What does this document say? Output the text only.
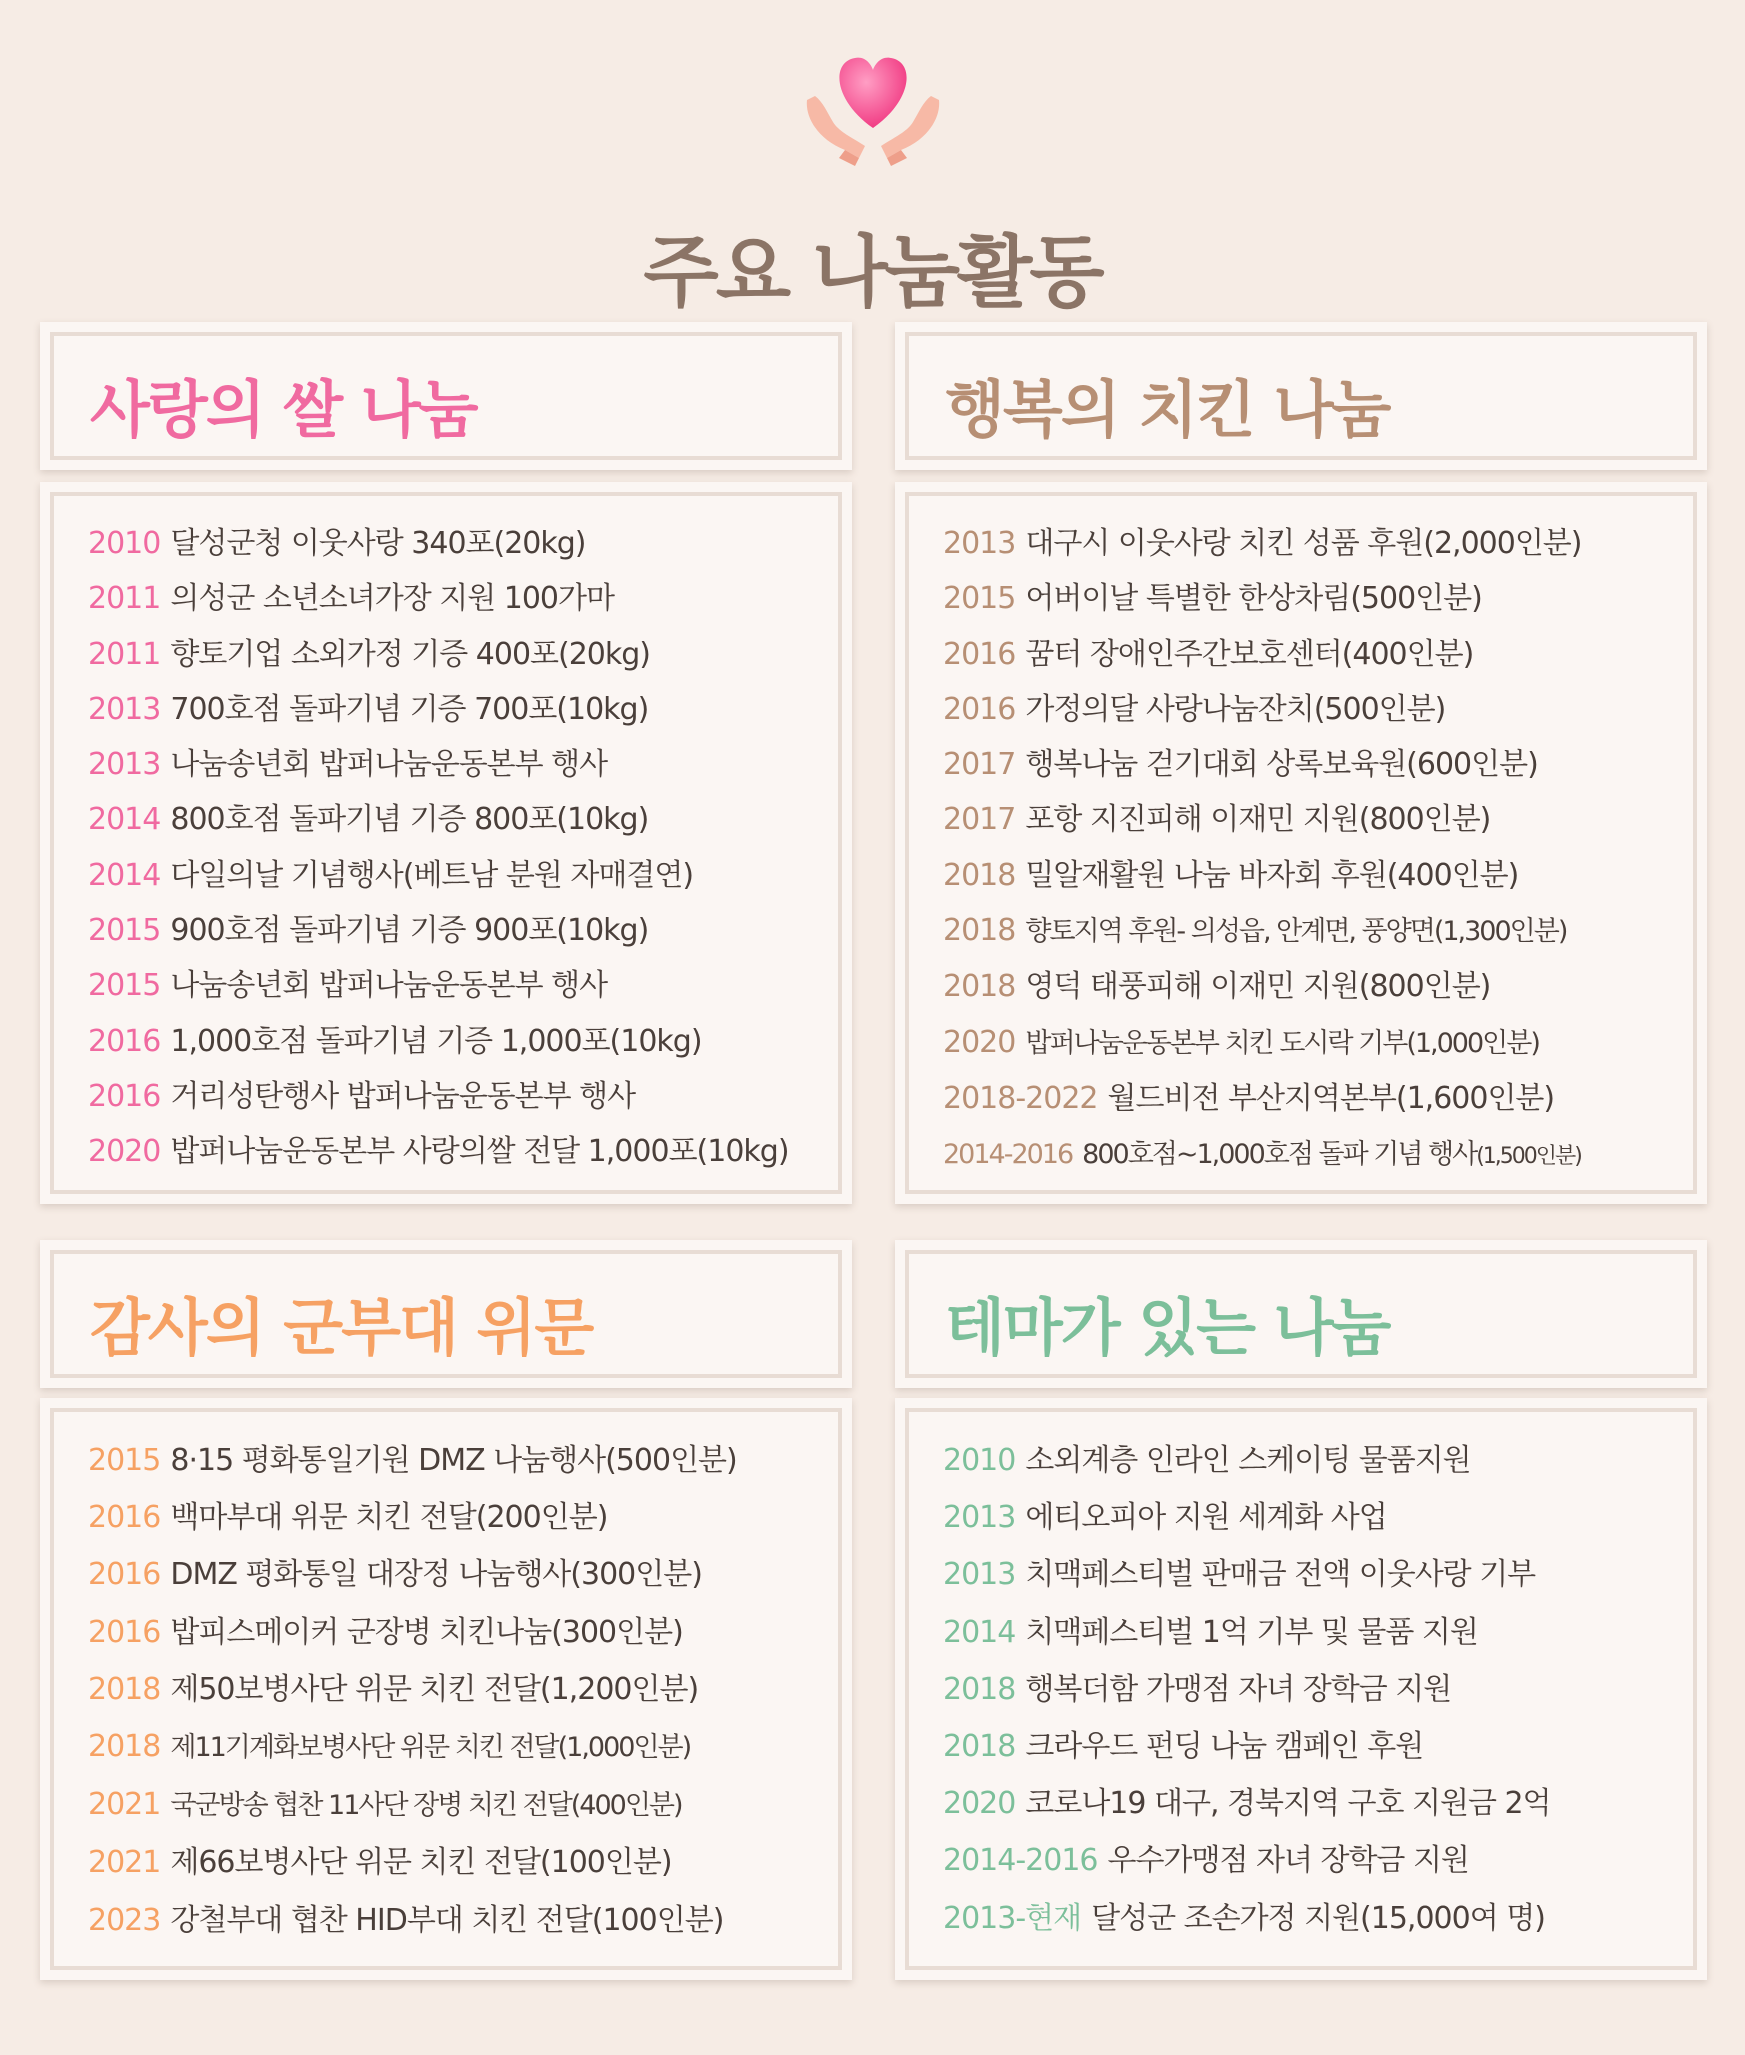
주요 나눔활동
사랑의 쌀 나눔
2010 달성군청 이웃사랑 340포(20kg)
2011 의성군 소년소녀가장 지원 100가마
2011 향토기업 소외가정 기증 400포(20kg)
2013 700호점 돌파기념 기증 700포(10kg)
2013 나눔송년회 밥퍼나눔운동본부 행사
2014 800호점 돌파기념 기증 800포(10kg)
2014 다일의날 기념행사(베트남 분원 자매결연)
2015 900호점 돌파기념 기증 900포(10kg)
2015 나눔송년회 밥퍼나눔운동본부 행사
2016 1,000호점 돌파기념 기증 1,000포(10kg)
2016 거리성탄행사 밥퍼나눔운동본부 행사
2020 밥퍼나눔운동본부 사랑의쌀 전달 1,000포(10kg)
행복의 치킨 나눔
2013 대구시 이웃사랑 치킨 성품 후원(2,000인분)
2015 어버이날 특별한 한상차림(500인분)
2016 꿈터 장애인주간보호센터(400인분)
2016 가정의달 사랑나눔잔치(500인분)
2017 행복나눔 걷기대회 상록보육원(600인분)
2017 포항 지진피해 이재민 지원(800인분)
2018 밀알재활원 나눔 바자회 후원(400인분)
2018 향토지역 후원- 의성읍, 안계면, 풍양면(1,300인분)
2018 영덕 태풍피해 이재민 지원(800인분)
2020 밥퍼나눔운동본부 치킨 도시락 기부(1,000인분)
2018-2022 월드비전 부산지역본부(1,600인분)
2014-2016 800호점~1,000호점 돌파 기념 행사(1,500인분)
감사의 군부대 위문
2015 8·15 평화통일기원 DMZ 나눔행사(500인분)
2016 백마부대 위문 치킨 전달(200인분)
2016 DMZ 평화통일 대장정 나눔행사(300인분)
2016 밥피스메이커 군장병 치킨나눔(300인분)
2018 제50보병사단 위문 치킨 전달(1,200인분)
2018 제11기계화보병사단 위문 치킨 전달(1,000인분)
2021 국군방송 협찬 11사단 장병 치킨 전달(400인분)
2021 제66보병사단 위문 치킨 전달(100인분)
2023 강철부대 협찬 HID부대 치킨 전달(100인분)
테마가 있는 나눔
2010 소외계층 인라인 스케이팅 물품지원
2013 에티오피아 지원 세계화 사업
2013 치맥페스티벌 판매금 전액 이웃사랑 기부
2014 치맥페스티벌 1억 기부 및 물품 지원
2018 행복더함 가맹점 자녀 장학금 지원
2018 크라우드 펀딩 나눔 캠페인 후원
2020 코로나19 대구, 경북지역 구호 지원금 2억
2014-2016 우수가맹점 자녀 장학금 지원
2013-현재 달성군 조손가정 지원(15,000여 명)
